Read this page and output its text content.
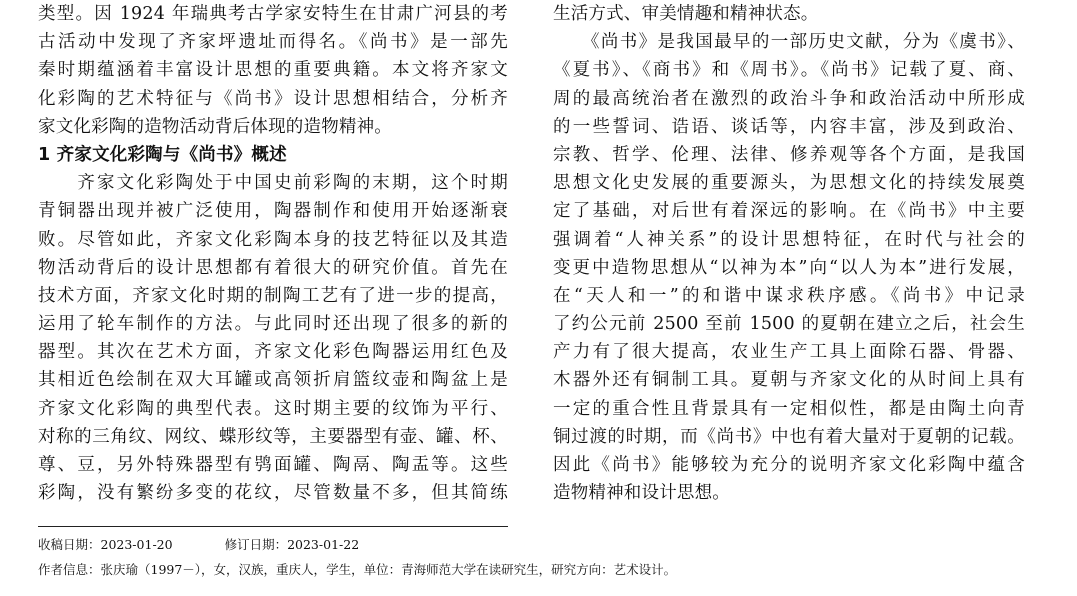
类型。因 1924 年瑞典考古学家安特生在甘肃广河县的考
古活动中发现了齐家坪遗址而得名。《尚书》是一部先
秦时期蕴涵着丰富设计思想的重要典籍。本文将齐家文
化彩陶的艺术特征与《尚书》设计思想相结合，分析齐
家文化彩陶的造物活动背后体现的造物精神。
1 齐家文化彩陶与《尚书》概述
　　齐家文化彩陶处于中国史前彩陶的末期，这个时期
青铜器出现并被广泛使用，陶器制作和使用开始逐渐衰
败。尽管如此，齐家文化彩陶本身的技艺特征以及其造
物活动背后的设计思想都有着很大的研究价值。首先在
技术方面，齐家文化时期的制陶工艺有了进一步的提高，
运用了轮车制作的方法。与此同时还出现了很多的新的
器型。其次在艺术方面，齐家文化彩色陶器运用红色及
其相近色绘制在双大耳罐或高领折肩篮纹壶和陶盆上是
齐家文化彩陶的典型代表。这时期主要的纹饰为平行、
对称的三角纹、网纹、蝶形纹等，主要器型有壶、罐、杯、
尊、豆，另外特殊器型有鸮面罐、陶鬲、陶盂等。这些
彩陶，没有繁纷多变的花纹，尽管数量不多，但其简练
生活方式、审美情趣和精神状态。
　　《尚书》是我国最早的一部历史文献，分为《虞书》、
《夏书》、《商书》和《周书》。《尚书》记载了夏、商、
周的最高统治者在激烈的政治斗争和政治活动中所形成
的一些誓词、诰语、谈话等，内容丰富，涉及到政治、
宗教、哲学、伦理、法律、修养观等各个方面，是我国
思想文化史发展的重要源头，为思想文化的持续发展奠
定了基础，对后世有着深远的影响。在《尚书》中主要
强调着“人神关系”的设计思想特征，在时代与社会的
变更中造物思想从“以神为本”向“以人为本”进行发展，
在“天人和一”的和谐中谋求秩序感。《尚书》中记录
了约公元前 2500 至前 1500 的夏朝在建立之后，社会生
产力有了很大提高，农业生产工具上面除石器、骨器、
木器外还有铜制工具。夏朝与齐家文化的从时间上具有
一定的重合性且背景具有一定相似性，都是由陶土向青
铜过渡的时期，而《尚书》中也有着大量对于夏朝的记载。
因此《尚书》能够较为充分的说明齐家文化彩陶中蕴含
造物精神和设计思想。
收稿日期：2023-01-20	修订日期：2023-01-22
作者信息：张庆瑜（1997－），女，汉族，重庆人，学生，单位：青海师范大学在读研究生，研究方向：艺术设计。
